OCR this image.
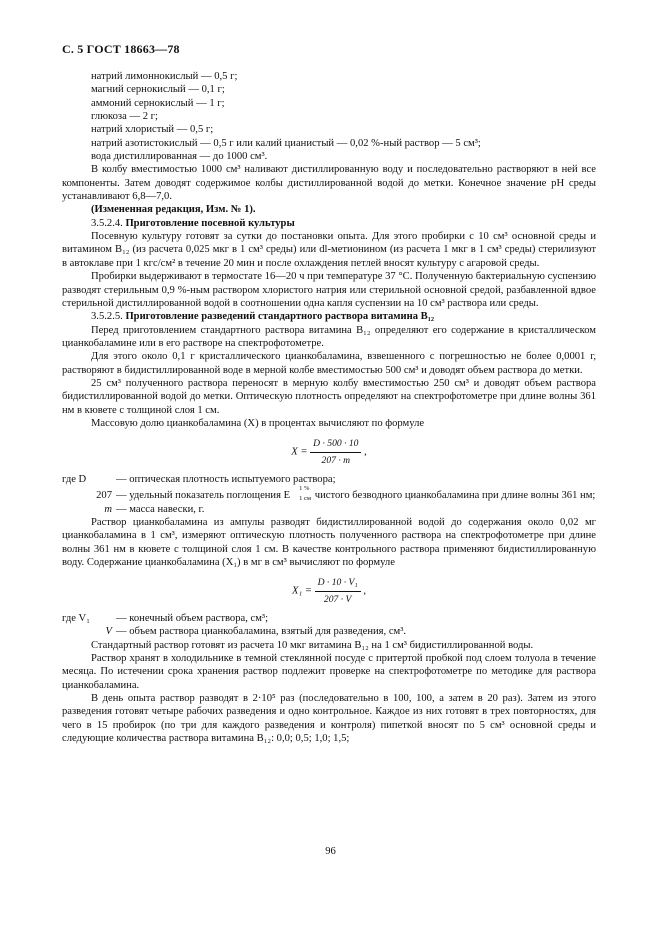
С. 5 ГОСТ 18663—78

натрий лимоннокислый — 0,5 г;

магний сернокислый — 0,1 г;

аммоний сернокислый — 1 г;

глюкоза — 2 г;

натрий хлористый — 0,5 г;

натрий азотистокислый — 0,5 г или калий цианистый — 0,02 %-ный раствор — 5 см³;

вода дистиллированная — до 1000 см³.

В колбу вместимостью 1000 см³ наливают дистиллированную воду и последовательно растворяют в ней все компоненты. Затем доводят содержимое колбы дистиллированной водой до метки. Конечное значение pH среды устанавливают 6,8—7,0.

(Измененная редакция, Изм. № 1).

3.5.2.4. Приготовление посевной культуры

Посевную культуру готовят за сутки до постановки опыта. Для этого пробирки с 10 см³ основной среды и витамином B₁₂ (из расчета 0,025 мкг в 1 см³ среды) или dl-метионином (из расчета 1 мкг в 1 см³ среды) стерилизуют в автоклаве при 1 кгс/см² в течение 20 мин и после охлаждения петлей вносят культуру с агаровой среды.

Пробирки выдерживают в термостате 16—20 ч при температуре 37 °С. Полученную бактериальную суспензию разводят стерильным 0,9 %-ным раствором хлористого натрия или стерильной основной средой, разбавленной вдвое стерильной дистиллированной водой в соотношении одна капля суспензии на 10 см³ раствора или среды.

3.5.2.5. Приготовление разведений стандартного раствора витамина B₁₂

Перед приготовлением стандартного раствора витамина B₁₂ определяют его содержание в кристаллическом цианкобаламине или в его растворе на спектрофотометре.

Для этого около 0,1 г кристаллического цианкобаламина, взвешенного с погрешностью не более 0,0001 г, растворяют в бидистиллированной воде в мерной колбе вместимостью 500 см³ и доводят объем раствора до метки.

25 см³ полученного раствора переносят в мерную колбу вместимостью 250 см³ и доводят объем раствора бидистиллированной водой до метки. Оптическую плотность определяют на спектрофотометре при длине волны 361 нм в кювете с толщиной слоя 1 см.

Массовую долю цианкобаламина (X) в процентах вычисляют по формуле

$X = \frac{D \cdot 500 \cdot 10}{207 \cdot m}$ ,
где D	— оптическая плотность испытуемого раствора;
207 — удельный показатель поглощения E
1 %
1 см чистого безводного цианкобаламина при длине волны 361 нм;
m — масса навески, г.

Раствор цианкобаламина из ампулы разводят бидистиллированной водой до содержания около 0,02 мг цианкобаламина в 1 см³, измеряют оптическую плотность полученного раствора на спектрофотометре при длине волны 361 нм в кювете с толщиной слоя 1 см. В качестве контрольного раствора применяют бидистиллированную воду. Содержание цианкобаламина (X₁) в мг в см³ вычисляют по формуле

$X_1 = \frac{\text{D · 10 · V₁}}{207 \cdot V}$ ,
где V₁	— конечный объем раствора, см³;
V — объем раствора цианкобаламина, взятый для разведения, см³.

Стандартный раствор готовят из расчета 10 мкг витамина B₁₂ на 1 см³ бидистиллированной воды.

Раствор хранят в холодильнике в темной стеклянной посуде с притертой пробкой под слоем толуола в течение месяца. По истечении срока хранения раствор подлежит проверке на спектрофотометре по методике для раствора цианкобаламина.

В день опыта раствор разводят в 2·10⁵ раз (последовательно в 100, 100, а затем в 20 раз). Затем из этого разведения готовят четыре рабочих разведения и одно контрольное. Каждое из них готовят в трех повторностях, для чего в 15 пробирок (по три для каждого разведения и контроля) пипеткой вносят по 5 см³ основной среды и следующие количества раствора витамина B₁₂: 0,0; 0,5; 1,0; 1,5;

96
